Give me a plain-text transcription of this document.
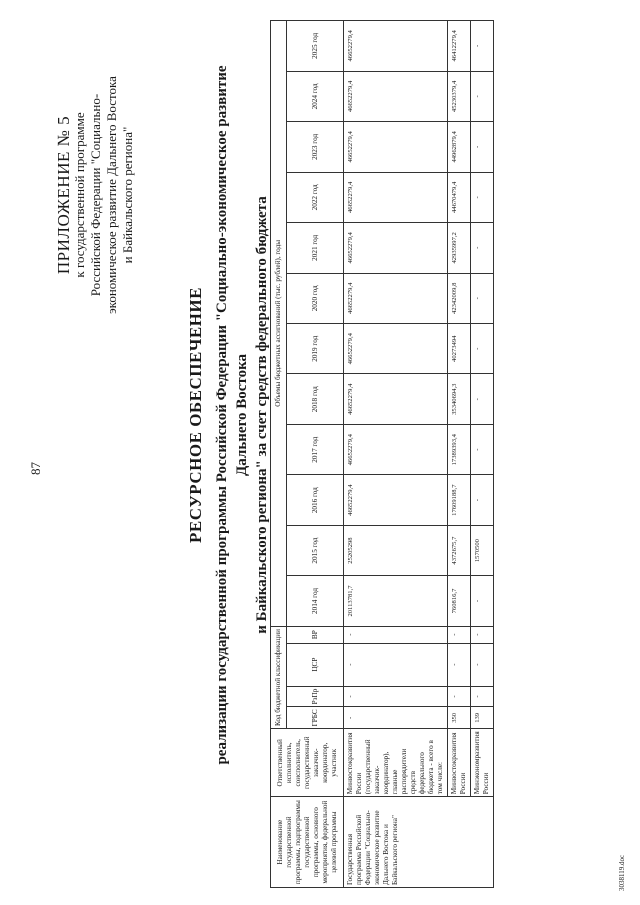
87
ПРИЛОЖЕНИЕ № 5 к государственной программе Российской Федерации "Социально- экономическое развитие Дальнего Востока и Байкальского региона"
РЕСУРСНОЕ ОБЕСПЕЧЕНИЕ реализации государственной программы Российской Федерации "Социально-экономическое развитие Дальнего Востока и Байкальского региона" за счет средств федерального бюджета
Наименование государственной программы, подпрограммы государственной программы, основного мероприятия, федеральной целевой программы	Ответственный исполнитель, соисполнитель, государственный заказчик-координатор, участник	Код бюджетной классификации				Объемы бюджетных ассигнований (тыс. рублей), годы											
		ГРБС	РзПр	ЦСР	ВР	2014 год	2015 год	2016 год	2017 год	2018 год	2019 год	2020 год	2021 год	2022 год	2023 год	2024 год	2025 год
Государственная программа Российской Федерации "Социально-экономическое развитие Дальнего Востока и Байкальского региона"	Минвостокразвития России (государственный заказчик-координатор), главные распорядители средств федерального бюджета - всего в том числе:	-	-	-	-	20113781,7	25205298	46652279,4	46652279,4	46652279,4	46652279,4	46652279,4	46652279,4	46652279,4	46652279,4	46652279,4	46652279,4
	Минвостокразвития России	350	-	-	-	760816,7	4372675,7	17609188,7	17389393,4	35340694,3	40273494	42342009,8	42935997,2	44670479,4	44962879,4	45230379,4	46412279,4
	Минэкономразвития России	139	-	-	-	-	1570500	-	-	-	-	-	-	-	-	-	-
3038119.doc
